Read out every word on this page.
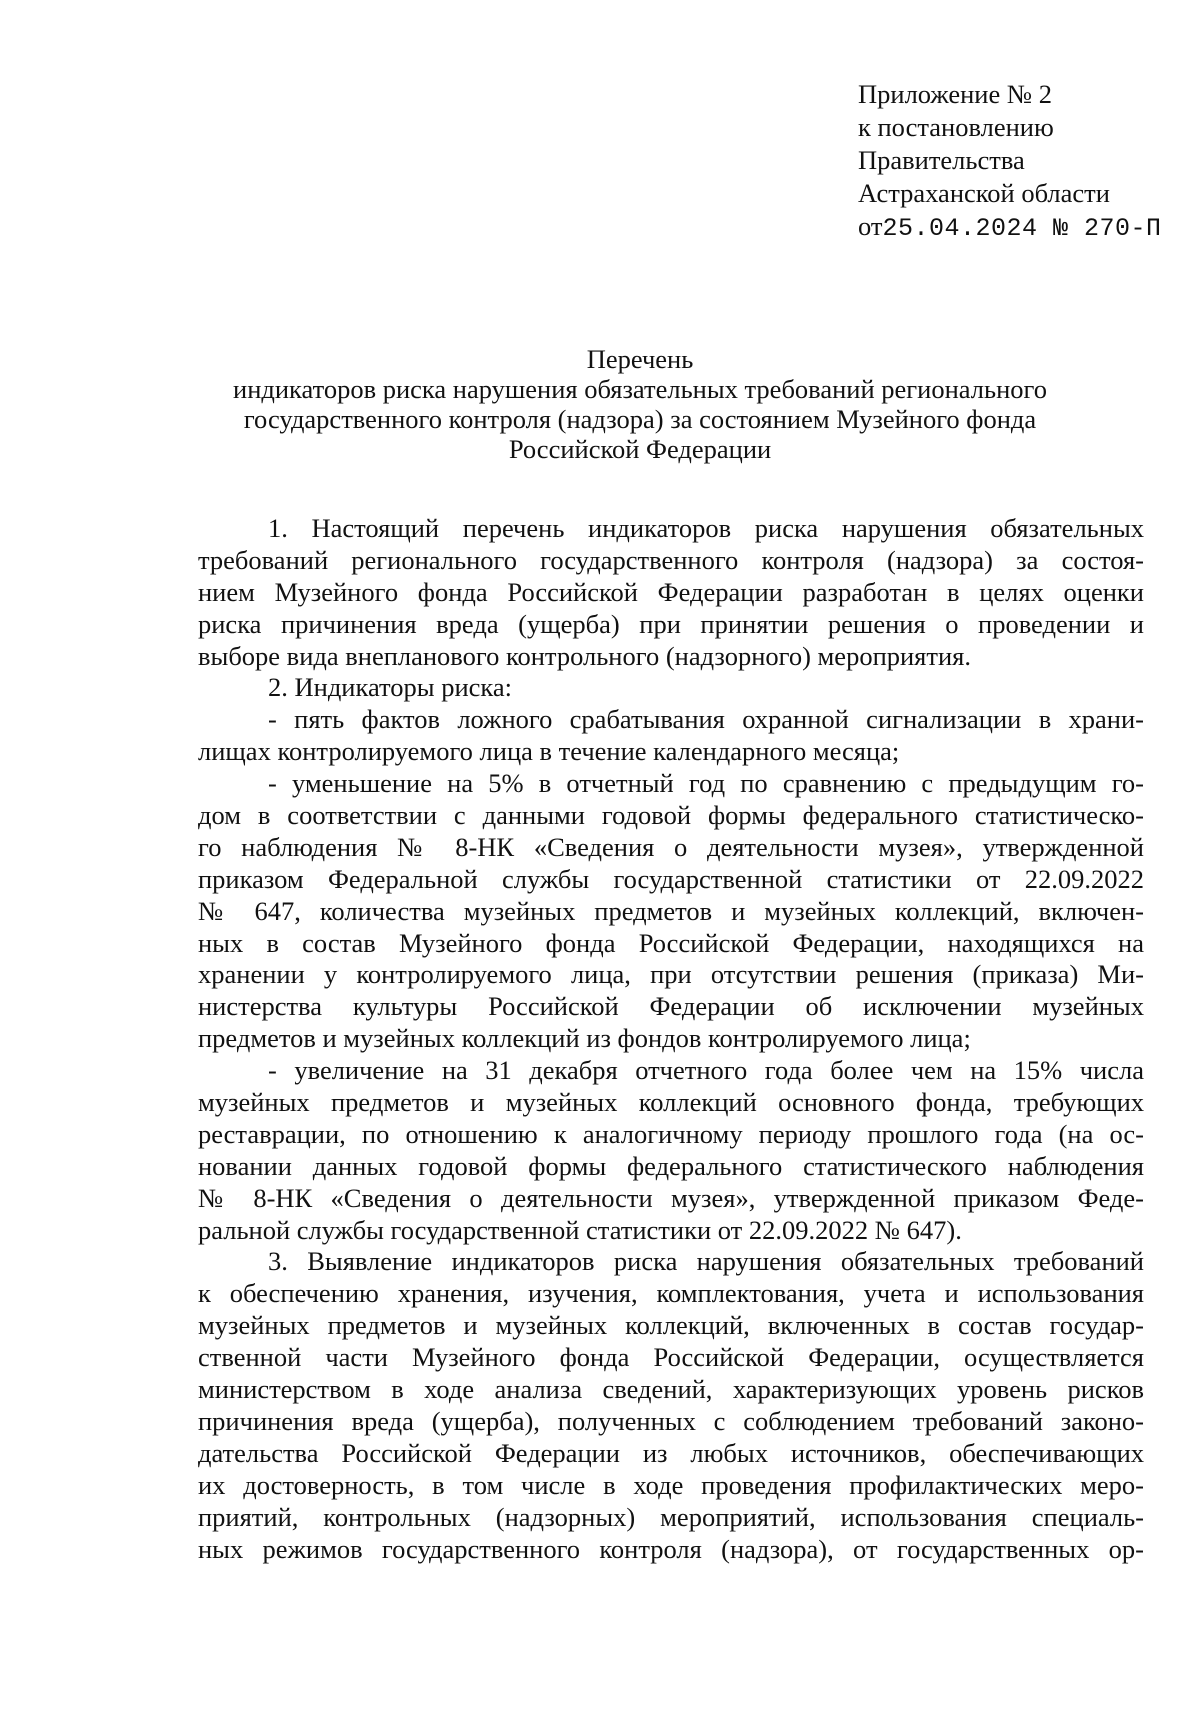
Приложение № 2
к постановлению
Правительства
Астраханской области
от25.04.2024 № 270-П
Перечень
индикаторов риска нарушения обязательных требований регионального
государственного контроля (надзора) за состоянием Музейного фонда
Российской Федерации
1. Настоящий перечень индикаторов риска нарушения обязательных
требований регионального государственного контроля (надзора) за состоя-
нием Музейного фонда Российской Федерации разработан в целях оценки
риска причинения вреда (ущерба) при принятии решения о проведении и
выборе вида внепланового контрольного (надзорного) мероприятия.
2. Индикаторы риска:
- пять фактов ложного срабатывания охранной сигнализации в храни-
лищах контролируемого лица в течение календарного месяца;
- уменьшение на 5% в отчетный год по сравнению с предыдущим го-
дом в соответствии с данными годовой формы федерального статистическо-
го наблюдения № 8-НК «Сведения о деятельности музея», утвержденной
приказом Федеральной службы государственной статистики от 22.09.2022
№ 647, количества музейных предметов и музейных коллекций, включен-
ных в состав Музейного фонда Российской Федерации, находящихся на
хранении у контролируемого лица, при отсутствии решения (приказа) Ми-
нистерства культуры Российской Федерации об исключении музейных
предметов и музейных коллекций из фондов контролируемого лица;
- увеличение на 31 декабря отчетного года более чем на 15% числа
музейных предметов и музейных коллекций основного фонда, требующих
реставрации, по отношению к аналогичному периоду прошлого года (на ос-
новании данных годовой формы федерального статистического наблюдения
№ 8-НК «Сведения о деятельности музея», утвержденной приказом Феде-
ральной службы государственной статистики от 22.09.2022 № 647).
3. Выявление индикаторов риска нарушения обязательных требований
к обеспечению хранения, изучения, комплектования, учета и использования
музейных предметов и музейных коллекций, включенных в состав государ-
ственной части Музейного фонда Российской Федерации, осуществляется
министерством в ходе анализа сведений, характеризующих уровень рисков
причинения вреда (ущерба), полученных с соблюдением требований законо-
дательства Российской Федерации из любых источников, обеспечивающих
их достоверность, в том числе в ходе проведения профилактических меро-
приятий, контрольных (надзорных) мероприятий, использования специаль-
ных режимов государственного контроля (надзора), от государственных ор-
